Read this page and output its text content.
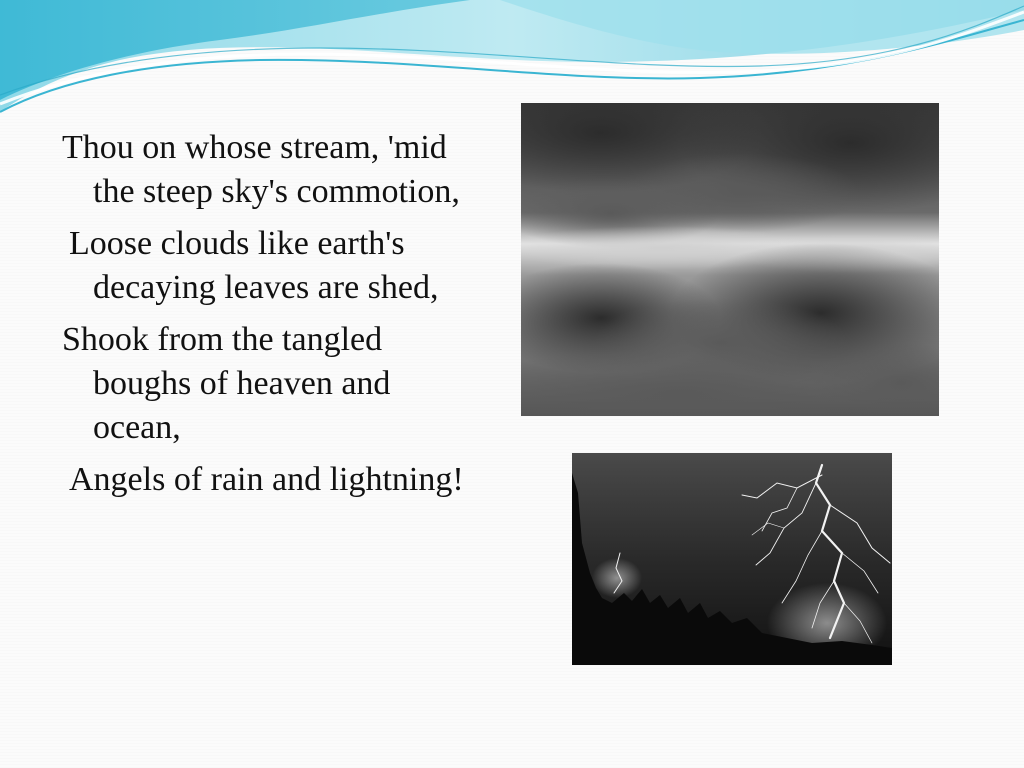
Thou on whose stream, 'mid the steep sky's commotion,

Loose clouds like earth's decaying leaves are shed,

Shook from the tangled boughs of heaven and ocean,

Angels of rain and lightning!
